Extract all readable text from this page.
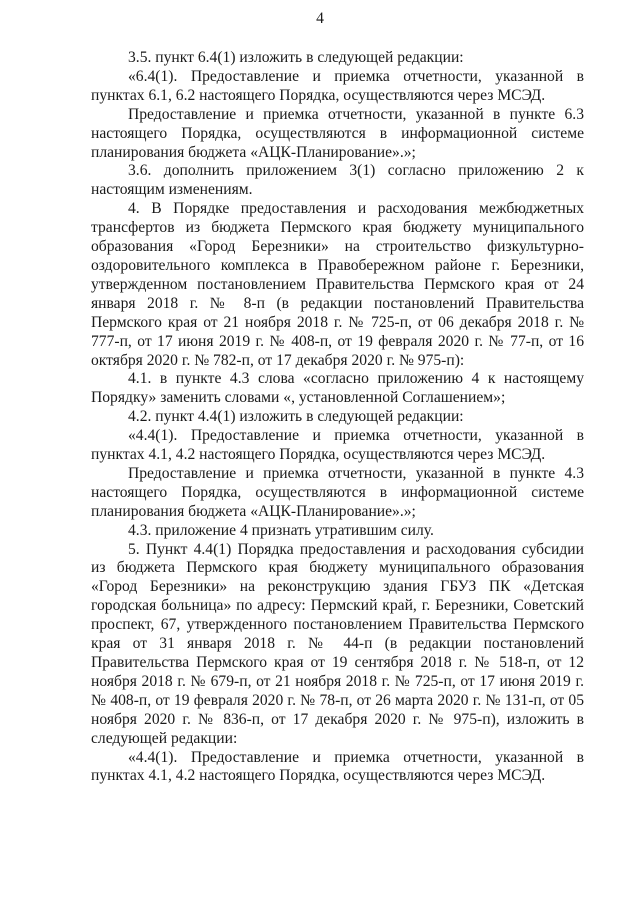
4

3.5. пункт 6.4(1) изложить в следующей редакции:

«6.4(1). Предоставление и приемка отчетности, указанной в пунктах 6.1, 6.2 настоящего Порядка, осуществляются через МСЭД.

Предоставление и приемка отчетности, указанной в пункте 6.3 настоящего Порядка, осуществляются в информационной системе планирования бюджета «АЦК-Планирование».»;

3.6. дополнить приложением 3(1) согласно приложению 2 к настоящим изменениям.

4. В Порядке предоставления и расходования межбюджетных трансфертов из бюджета Пермского края бюджету муниципального образования «Город Березники» на строительство физкультурно-оздоровительного комплекса в Правобережном районе г. Березники, утвержденном постановлением Правительства Пермского края от 24 января 2018 г. № 8-п (в редакции постановлений Правительства Пермского края от 21 ноября 2018 г. № 725-п, от 06 декабря 2018 г. № 777-п, от 17 июня 2019 г. № 408-п, от 19 февраля 2020 г. № 77-п, от 16 октября 2020 г. № 782-п, от 17 декабря 2020 г. № 975-п):

4.1. в пункте 4.3 слова «согласно приложению 4 к настоящему Порядку» заменить словами «, установленной Соглашением»;

4.2. пункт 4.4(1) изложить в следующей редакции:

«4.4(1). Предоставление и приемка отчетности, указанной в пунктах 4.1, 4.2 настоящего Порядка, осуществляются через МСЭД.

Предоставление и приемка отчетности, указанной в пункте 4.3 настоящего Порядка, осуществляются в информационной системе планирования бюджета «АЦК-Планирование».»;

4.3. приложение 4 признать утратившим силу.

5. Пункт 4.4(1) Порядка предоставления и расходования субсидии из бюджета Пермского края бюджету муниципального образования «Город Березники» на реконструкцию здания ГБУЗ ПК «Детская городская больница» по адресу: Пермский край, г. Березники, Советский проспект, 67, утвержденного постановлением Правительства Пермского края от 31 января 2018 г. № 44-п (в редакции постановлений Правительства Пермского края от 19 сентября 2018 г. № 518-п, от 12 ноября 2018 г. № 679-п, от 21 ноября 2018 г. № 725-п, от 17 июня 2019 г. № 408-п, от 19 февраля 2020 г. № 78-п, от 26 марта 2020 г. № 131-п, от 05 ноября 2020 г. № 836-п, от 17 декабря 2020 г. № 975-п), изложить в следующей редакции:

«4.4(1). Предоставление и приемка отчетности, указанной в пунктах 4.1, 4.2 настоящего Порядка, осуществляются через МСЭД.
